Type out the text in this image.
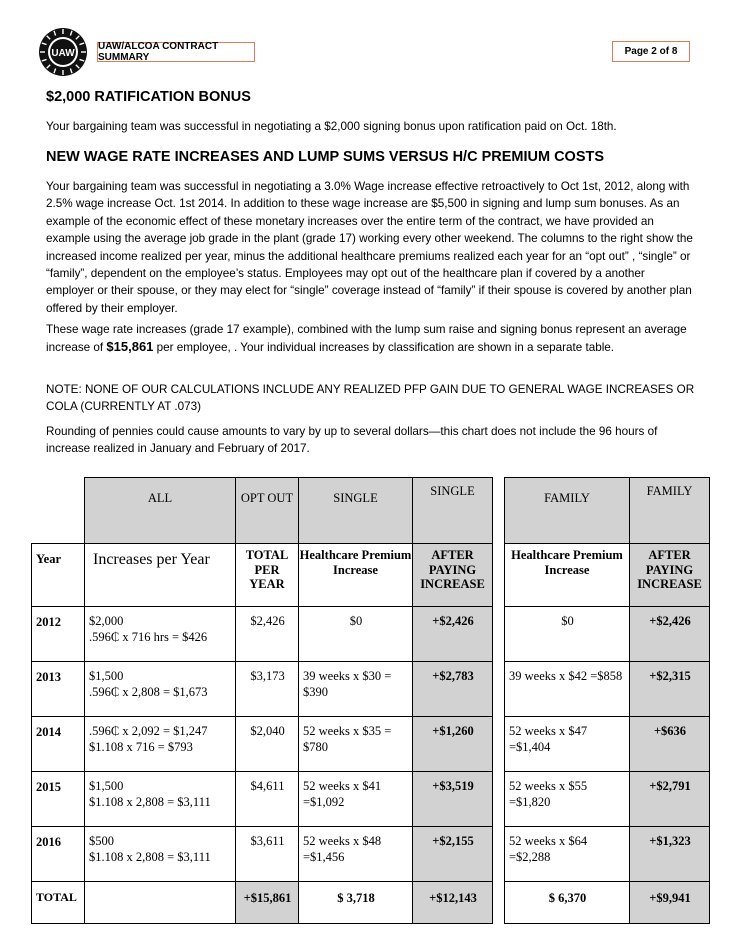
UAW
UAW/ALCOA CONTRACT SUMMARY
Page 2 of 8
$2,000 RATIFICATION BONUS

Your bargaining team was successful in negotiating a $2,000 signing bonus upon ratification paid on Oct. 18th.

NEW WAGE RATE INCREASES AND LUMP SUMS VERSUS H/C PREMIUM COSTS

Your bargaining team was successful in negotiating a 3.0% Wage increase effective retroactively to Oct 1st, 2012, along with 2.5% wage increase Oct. 1st 2014. In addition to these wage increase are $5,500 in signing and lump sum bonuses. As an example of the economic effect of these monetary increases over the entire term of the contract, we have provided an example using the average job grade in the plant (grade 17) working every other weekend. The columns to the right show the increased income realized per year, minus the additional healthcare premiums realized each year for an “opt out” , “single” or “family”, dependent on the employee’s status. Employees may opt out of the healthcare plan if covered by a another employer or their spouse, or they may elect for “single” coverage instead of “family” if their spouse is covered by another plan offered by their employer.

These wage rate increases (grade 17 example), combined with the lump sum raise and signing bonus represent an average increase of $15,861 per employee, . Your individual increases by classification are shown in a separate table.

NOTE: NONE OF OUR CALCULATIONS INCLUDE ANY REALIZED PFP GAIN DUE TO GENERAL WAGE INCREASES OR COLA (CURRENTLY AT .073)

Rounding of pennies could cause amounts to vary by up to several dollars—this chart does not include the 96 hours of increase realized in January and February of 2017.

	ALL	OPT OUT	SINGLE	SINGLE		FAMILY	FAMILY
Year	Increases per Year	TOTAL PER YEAR	Healthcare Premium Increase	AFTER PAYING INCREASE		Healthcare Premium Increase	AFTER PAYING INCREASE
2012	$2,000
.596₵ x 716 hrs = $426	$2,426	$0	+$2,426		$0	+$2,426
2013	$1,500
.596₵ x 2,808 = $1,673	$3,173	39 weeks x $30 = $390	+$2,783		39 weeks x $42 =$858	+$2,315
2014	.596₵ x 2,092 = $1,247
$1.108 x 716 = $793	$2,040	52 weeks x $35 = $780	+$1,260		52 weeks x $47 =$1,404	+$636
2015	$1,500
$1.108 x 2,808 = $3,111	$4,611	52 weeks x $41 =$1,092	+$3,519		52 weeks x $55 =$1,820	+$2,791
2016	$500
$1.108 x 2,808 = $3,111	$3,611	52 weeks x $48 =$1,456	+$2,155		52 weeks x $64 =$2,288	+$1,323
TOTAL		+$15,861	$ 3,718	+$12,143		$ 6,370	+$9,941
